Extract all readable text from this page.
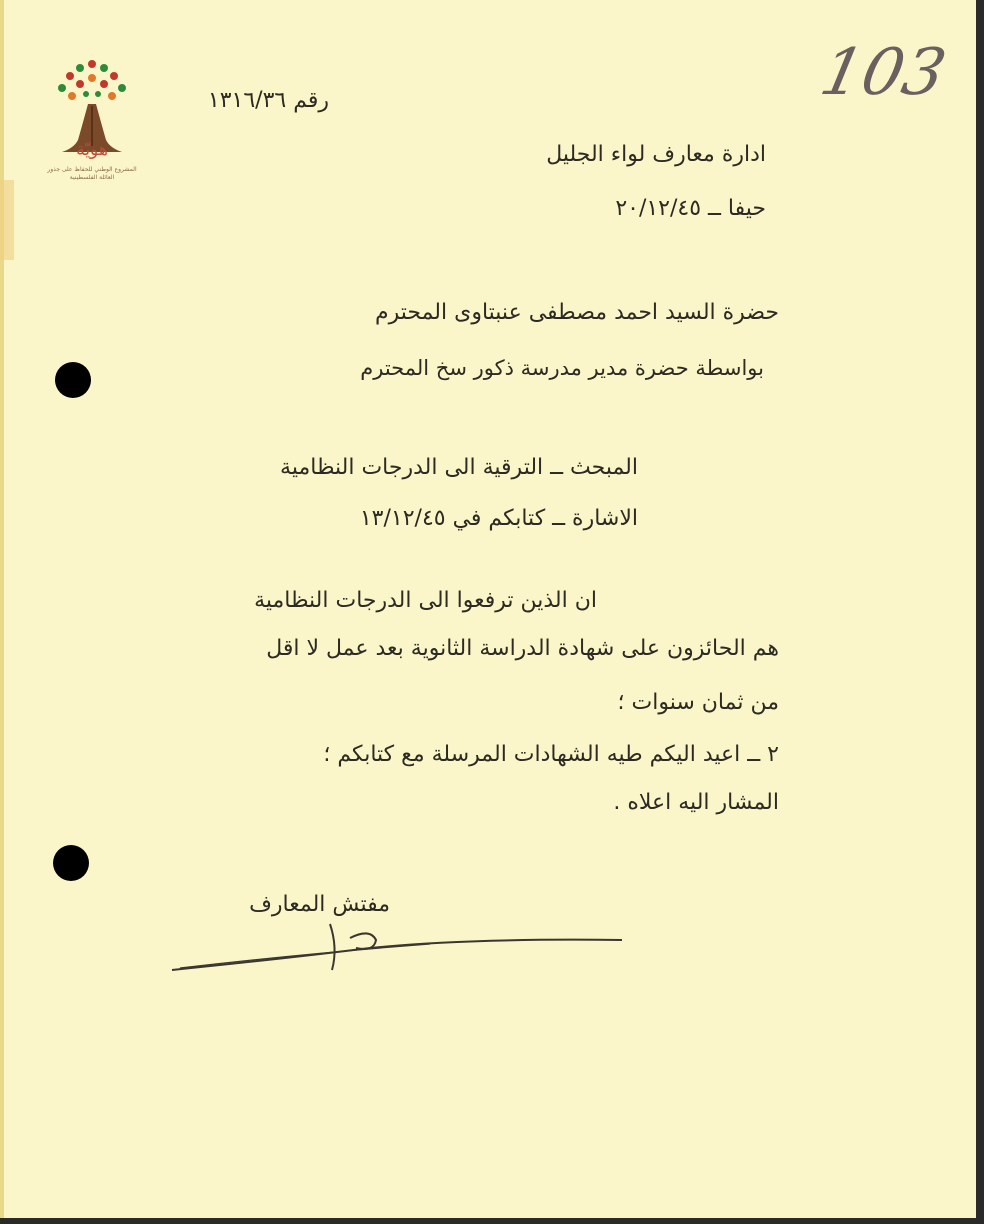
هويّة
المشروع الوطني للحفاظ على جذور العائلة الفلسطينية
103
رقم ١٣١٦/٣٦
ادارة معارف لواء الجليل
حيفا ــ ٢٠/١٢/٤٥
حضرة السيد احمد مصطفى عنبتاوى المحترم
بواسطة حضرة مدير مدرسة ذكور سخ المحترم
المبحث ــ الترقية الى الدرجات النظامية
الاشارة ــ كتابكم في ١٣/١٢/٤٥
ان الذين ترفعوا الى الدرجات النظامية
هم الحائزون على شهادة الدراسة الثانوية بعد عمل لا اقل
من ثمان سنوات ؛
٢ ــ اعيد اليكم طيه الشهادات المرسلة مع كتابكم ؛
المشار اليه اعلاه .
مفتش المعارف
